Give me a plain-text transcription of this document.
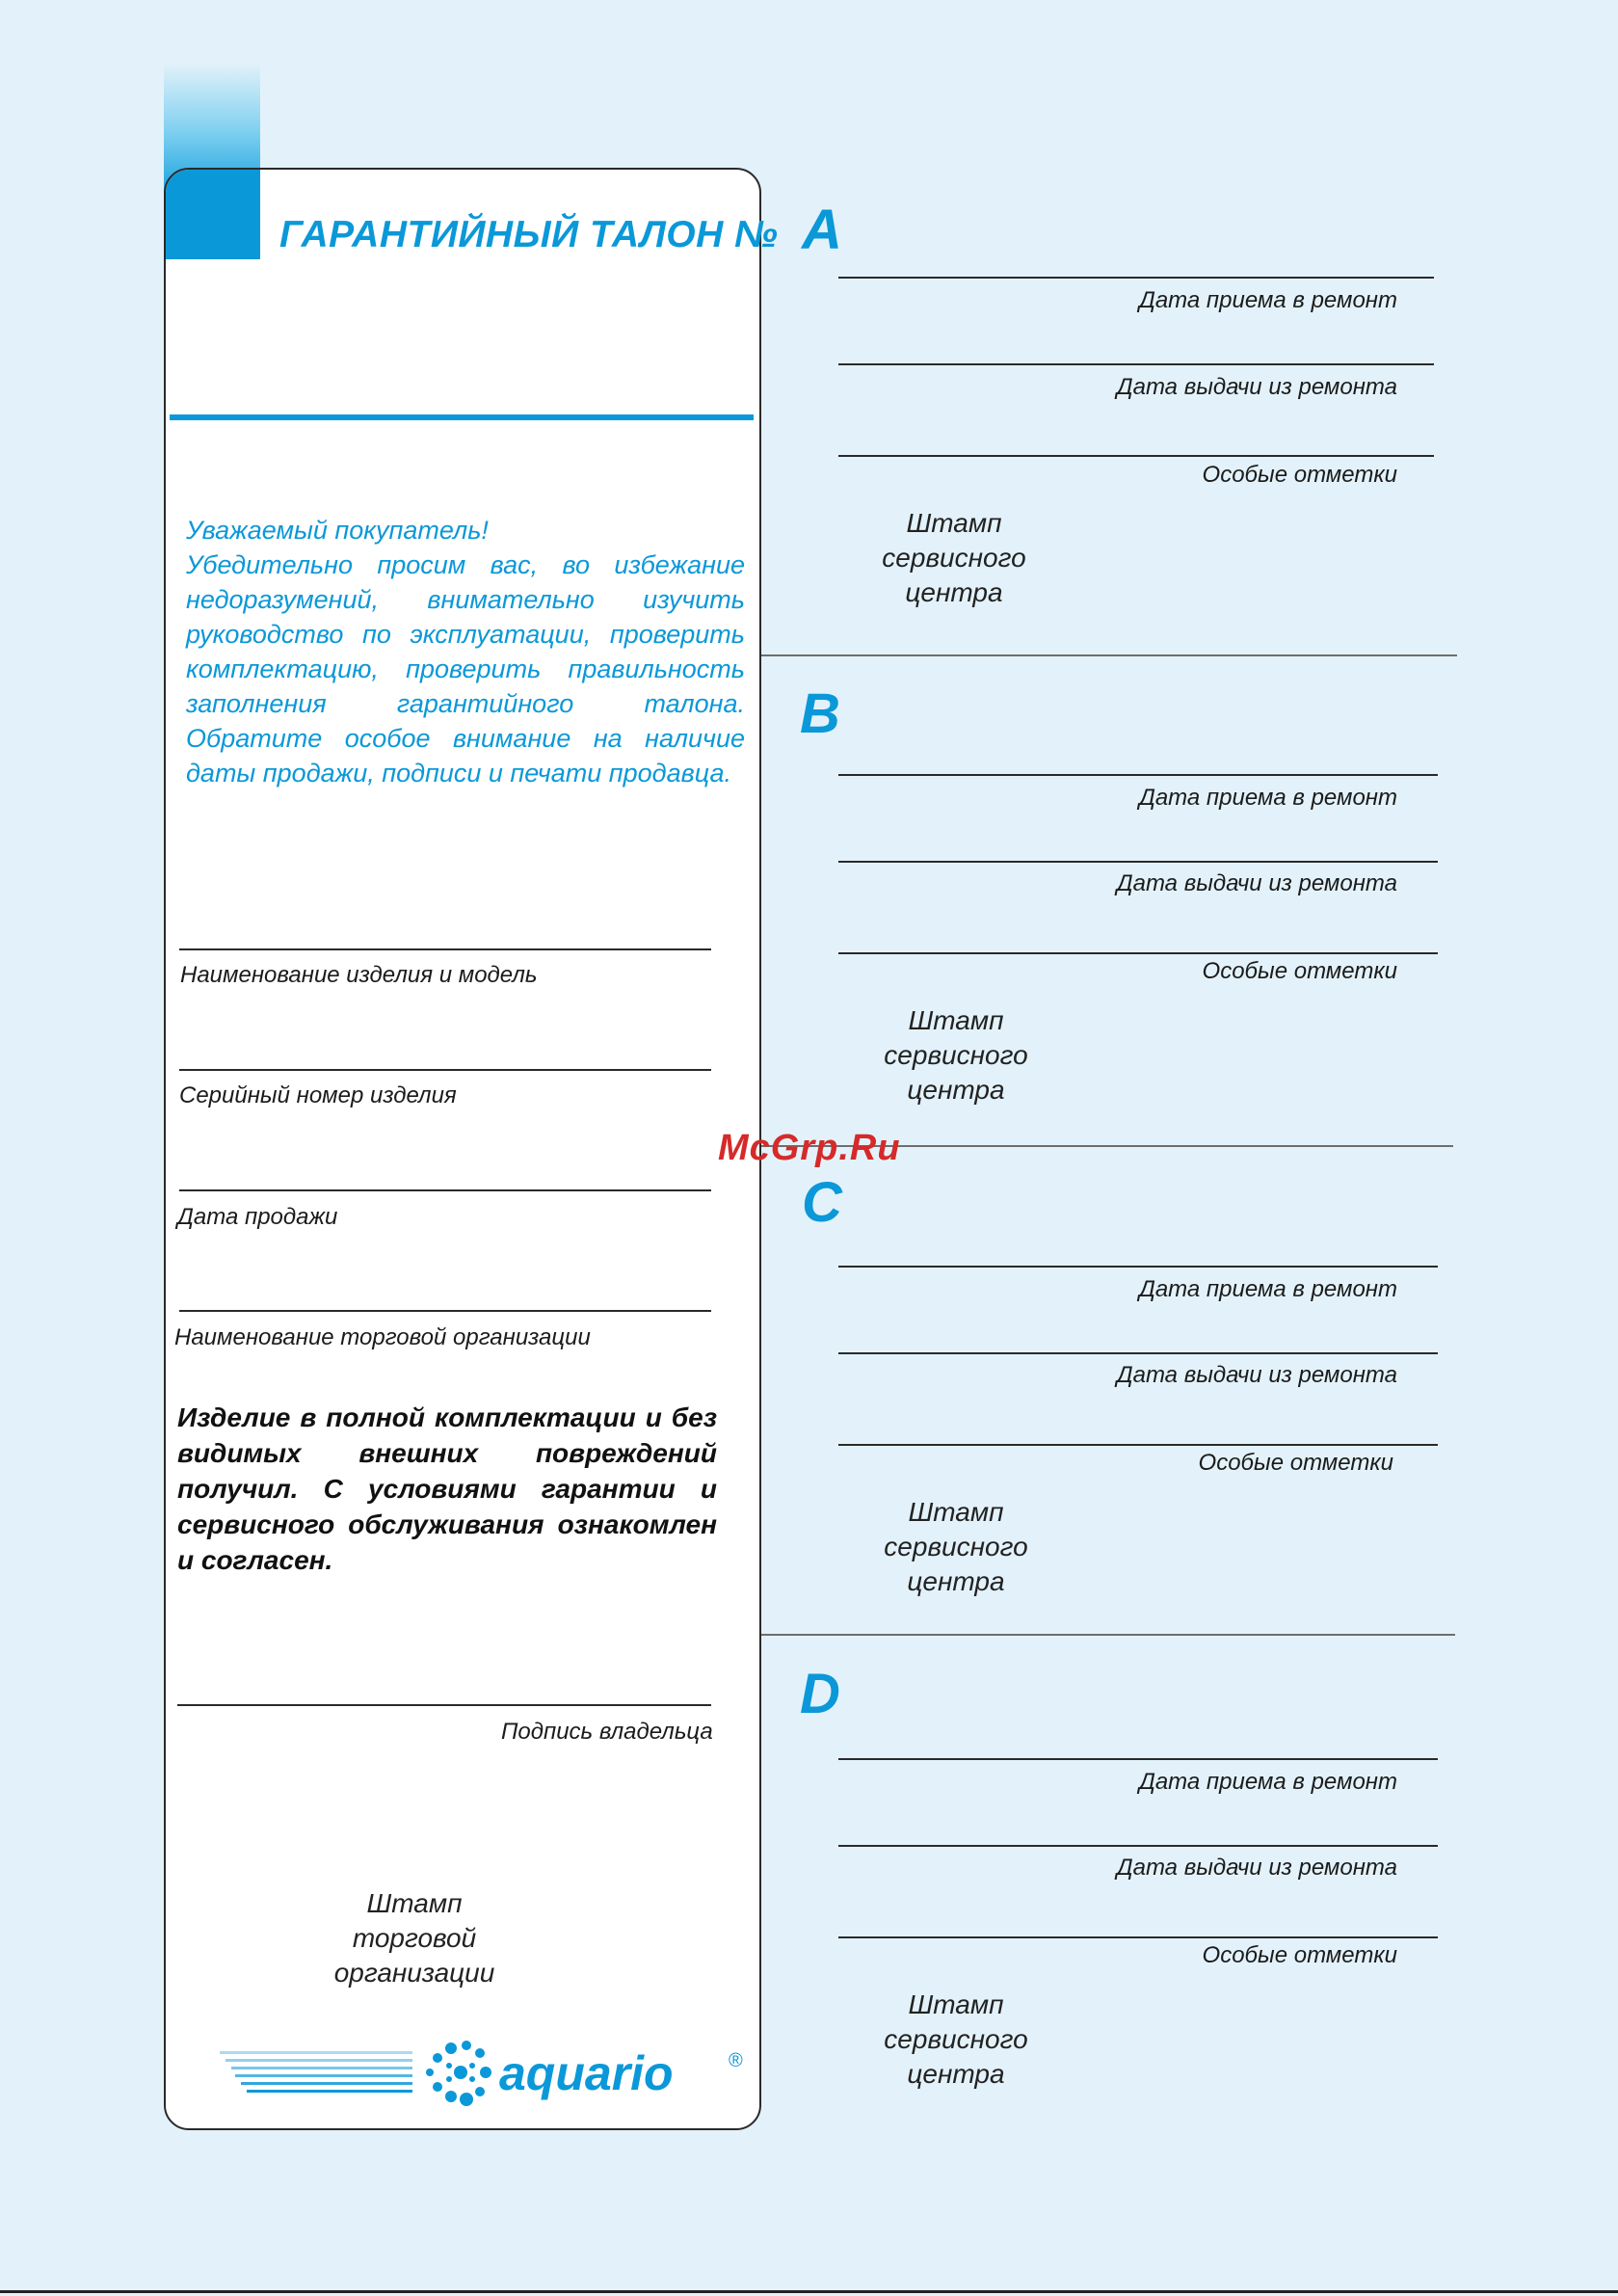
ГАРАНТИЙНЫЙ ТАЛОН №

Уважаемый покупатель!

Убедительно просим вас, во избежание недоразумений, внимательно изучить руководство по эксплуатации, проверить комплектацию, проверить правильность заполнения гарантийного талона. Обратите особое внимание на наличие даты продажи, подписи и печати продавца.

Наименование изделия и модель
Серийный номер изделия
Дата продажи
Наименование торговой организации
Изделие в полной комплектации и без видимых внешних повреждений получил. С условиями гарантии и сервисного обслуживания ознакомлен и согласен.
Подпись владельца
Штамп
торговой
организации
aquario	®
A
Дата приема в ремонт
Дата выдачи из ремонта
Особые отметки
Штамп
сервисного
центра
B
Дата приема в ремонт
Дата выдачи из ремонта
Особые отметки
Штамп
сервисного
центра
C
Дата приема в ремонт
Дата выдачи из ремонта
Особые отметки
Штамп
сервисного
центра
D
Дата приема в ремонт
Дата выдачи из ремонта
Особые отметки
Штамп
сервисного
центра
McGrp.Ru
